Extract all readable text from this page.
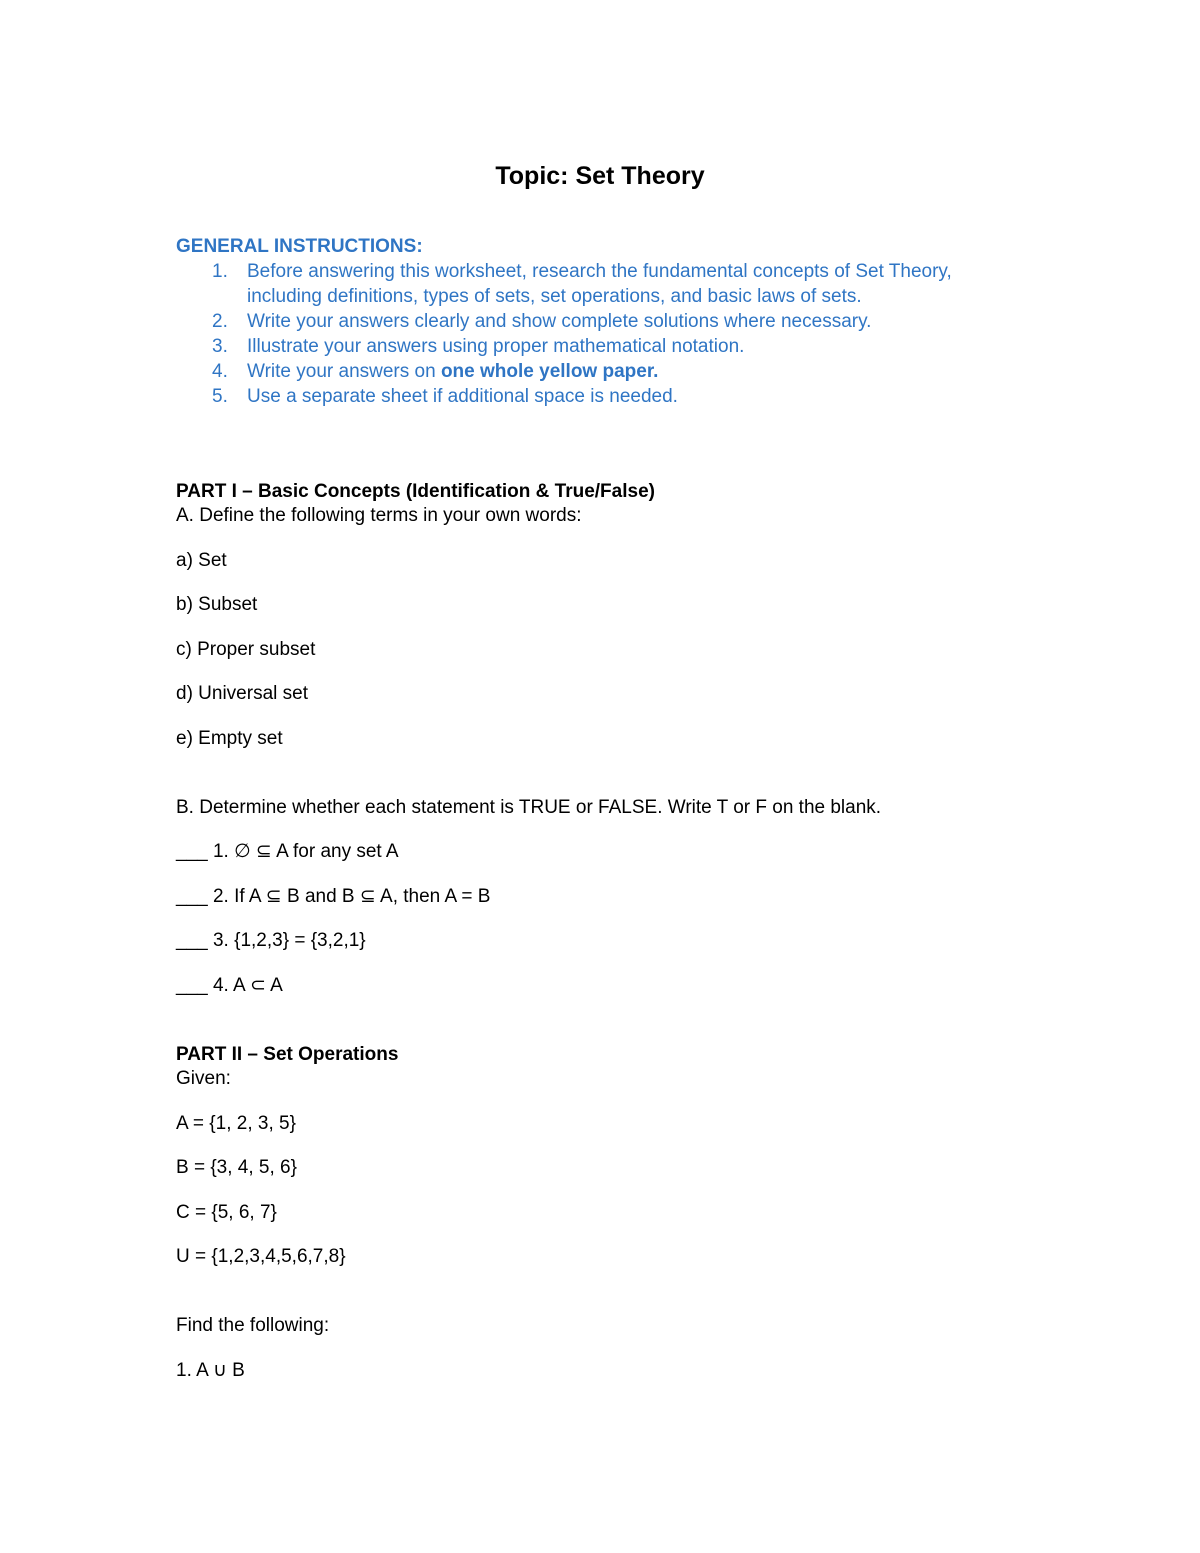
Topic: Set Theory
GENERAL INSTRUCTIONS:
1. Before answering this worksheet, research the fundamental concepts of Set Theory, including definitions, types of sets, set operations, and basic laws of sets.
2. Write your answers clearly and show complete solutions where necessary.
3. Illustrate your answers using proper mathematical notation.
4. Write your answers on one whole yellow paper.
5. Use a separate sheet if additional space is needed.
PART I – Basic Concepts (Identification & True/False)
A. Define the following terms in your own words:
a) Set
b) Subset
c) Proper subset
d) Universal set
e) Empty set
B. Determine whether each statement is TRUE or FALSE. Write T or F on the blank.
___ 1. ∅ ⊆ A for any set A
___ 2. If A ⊆ B and B ⊆ A, then A = B
___ 3. {1,2,3} = {3,2,1}
___ 4. A ⊂ A
PART II – Set Operations
Given:
A = {1, 2, 3, 5}
B = {3, 4, 5, 6}
C = {5, 6, 7}
U = {1,2,3,4,5,6,7,8}
Find the following:
1. A ∪ B
